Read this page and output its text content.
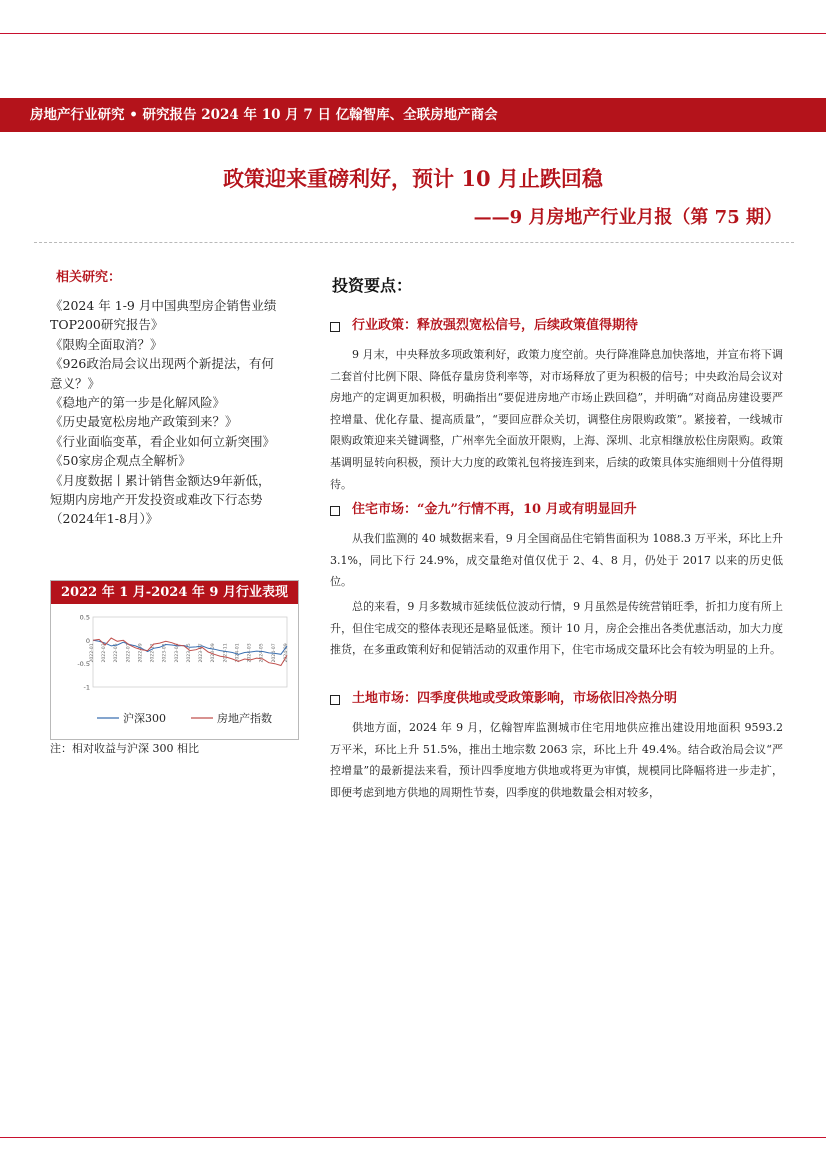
房地产行业研究 • 研究报告 2024 年 10 月 7 日 亿翰智库、全联房地产商会
政策迎来重磅利好，预计 10 月止跌回稳
——9 月房地产行业月报（第 75 期）
相关研究：
《2024 年 1-9 月中国典型房企销售业绩
TOP200研究报告》
《限购全面取消？》
《926政治局会议出现两个新提法，有何
意义？》
《稳地产的第一步是化解风险》
《历史最宽松房地产政策到来？》
《行业面临变革，看企业如何立新突围》
《50家房企观点全解析》
《月度数据丨累计销售金额达9年新低，
短期内房地产开发投资或难改下行态势
（2024年1-8月）》
2022 年 1 月-2024 年 9 月行业表现
0.5
0
-0.5
-1
2022-01 2022-03 2022-05 2022-07 2022-09 2022-11 2023-01 2023-03 2023-05 2023-07 2023-09 2023-11 2024-01 2024-03 2024-05 2024-07 2024-09
沪深300	房地产指数
注：相对收益与沪深 300 相比
投资要点：
行业政策：释放强烈宽松信号，后续政策值得期待

9 月末，中央释放多项政策利好，政策力度空前。央行降准降息加快落地，并宣布将下调二套首付比例下限、降低存量房贷利率等，对市场释放了更为积极的信号；中央政治局会议对房地产的定调更加积极，明确指出“要促进房地产市场止跌回稳”，并明确“对商品房建设要严控增量、优化存量、提高质量”，“要回应群众关切，调整住房限购政策”。紧接着，一线城市限购政策迎来关键调整，广州率先全面放开限购，上海、深圳、北京相继放松住房限购。政策基调明显转向积极，预计大力度的政策礼包将接连到来，后续的政策具体实施细则十分值得期待。

住宅市场：“金九”行情不再，10 月或有明显回升

从我们监测的 40 城数据来看，9 月全国商品住宅销售面积为 1088.3 万平米，环比上升 3.1%，同比下行 24.9%，成交量绝对值仅优于 2、4、8 月，仍处于 2017 以来的历史低位。

总的来看，9 月多数城市延续低位波动行情，9 月虽然是传统营销旺季，折扣力度有所上升，但住宅成交的整体表现还是略显低迷。预计 10 月，房企会推出各类优惠活动，加大力度推货，在多重政策利好和促销活动的双重作用下，住宅市场成交量环比会有较为明显的上升。

土地市场：四季度供地或受政策影响，市场依旧冷热分明

供地方面，2024 年 9 月，亿翰智库监测城市住宅用地供应推出建设用地面积 9593.2 万平米，环比上升 51.5%，推出土地宗数 2063 宗，环比上升 49.4%。结合政治局会议“严控增量”的最新提法来看，预计四季度地方供地或将更为审慎，规模同比降幅将进一步走扩，即便考虑到地方供地的周期性节奏，四季度的供地数量会相对较多，
